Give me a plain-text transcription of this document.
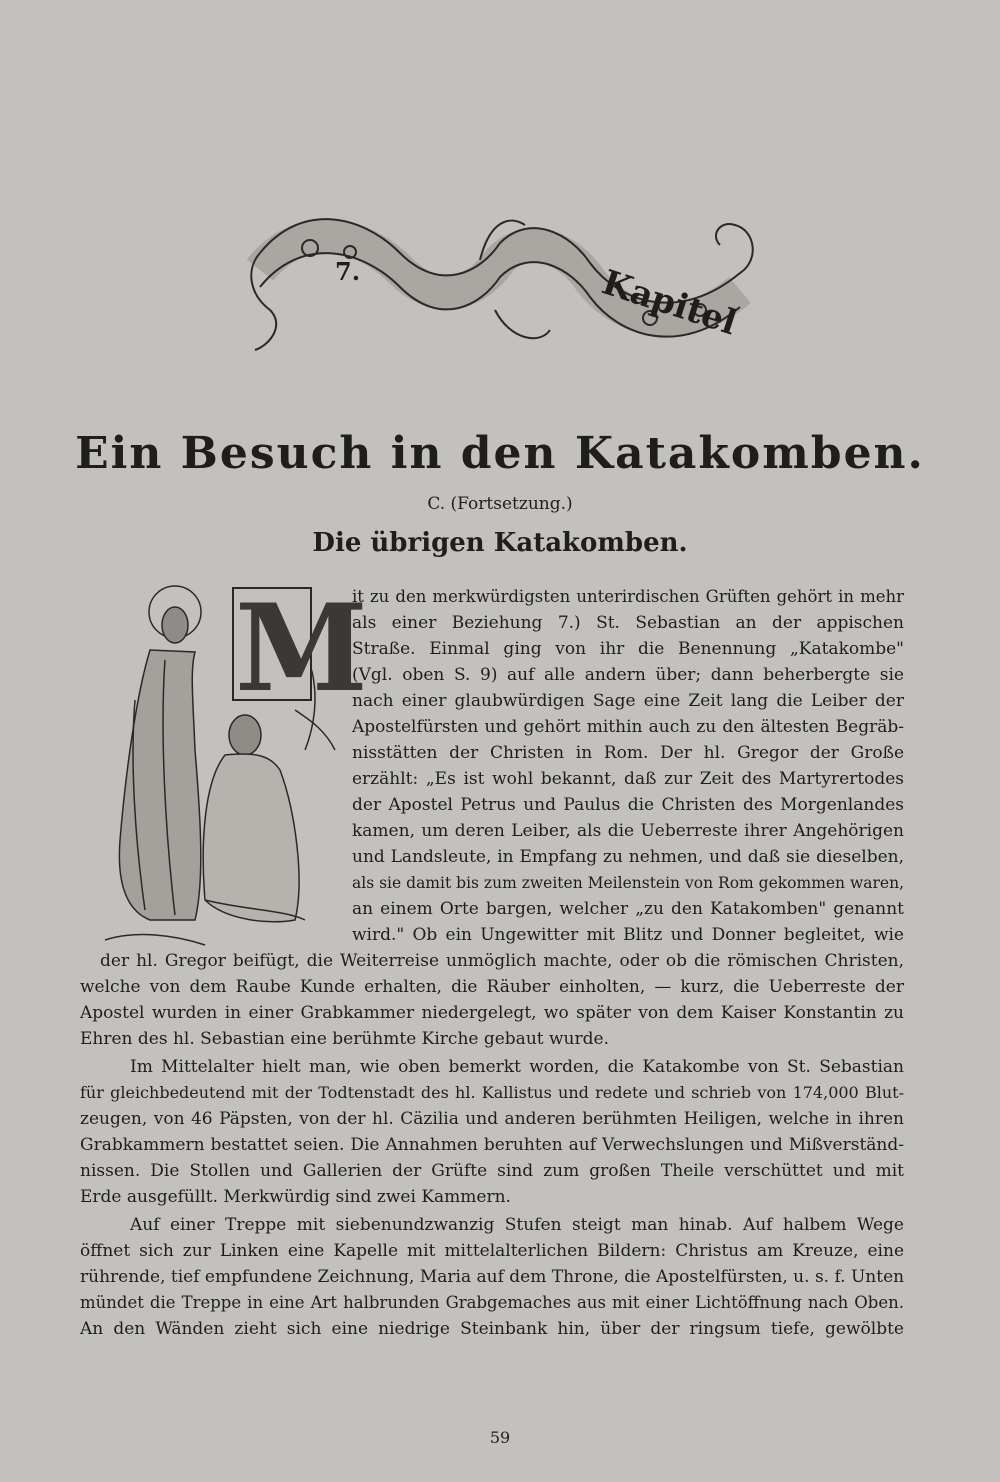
7.	Kapitel
Ein Besuch in den Katakomben.
C. (Fortsetzung.)
Die übrigen Katakomben.
M
it zu den merkwürdigsten unterirdischen Grüften gehört in mehr
als einer Beziehung 7.) St. Sebastian an der appischen
Straße. Einmal ging von ihr die Benennung „Katakombe"
(Vgl. oben S. 9) auf alle andern über; dann beherbergte sie
nach einer glaubwürdigen Sage eine Zeit lang die Leiber der
Apostelfürsten und gehört mithin auch zu den ältesten Begräb-
nisstätten der Christen in Rom. Der hl. Gregor der Große
erzählt: „Es ist wohl bekannt, daß zur Zeit des Martyrertodes
der Apostel Petrus und Paulus die Christen des Morgenlandes
kamen, um deren Leiber, als die Ueberreste ihrer Angehörigen
und Landsleute, in Empfang zu nehmen, und daß sie dieselben,
als sie damit bis zum zweiten Meilenstein von Rom gekommen waren,
an einem Orte bargen, welcher „zu den Katakomben" genannt
wird." Ob ein Ungewitter mit Blitz und Donner begleitet, wie
der hl. Gregor beifügt, die Weiterreise unmöglich machte, oder ob die römischen Christen,
welche von dem Raube Kunde erhalten, die Räuber einholten, — kurz, die Ueberreste der
Apostel wurden in einer Grabkammer niedergelegt, wo später von dem Kaiser Konstantin zu
Ehren des hl. Sebastian eine berühmte Kirche gebaut wurde.
Im Mittelalter hielt man, wie oben bemerkt worden, die Katakombe von St. Sebastian
für gleichbedeutend mit der Todtenstadt des hl. Kallistus und redete und schrieb von 174,000 Blut-
zeugen, von 46 Päpsten, von der hl. Cäzilia und anderen berühmten Heiligen, welche in ihren
Grabkammern bestattet seien. Die Annahmen beruhten auf Verwechslungen und Mißverständ-
nissen. Die Stollen und Gallerien der Grüfte sind zum großen Theile verschüttet und mit
Erde ausgefüllt. Merkwürdig sind zwei Kammern.
Auf einer Treppe mit siebenundzwanzig Stufen steigt man hinab. Auf halbem Wege
öffnet sich zur Linken eine Kapelle mit mittelalterlichen Bildern: Christus am Kreuze, eine
rührende, tief empfundene Zeichnung, Maria auf dem Throne, die Apostelfürsten, u. s. f. Unten
mündet die Treppe in eine Art halbrunden Grabgemaches aus mit einer Lichtöffnung nach Oben.
An den Wänden zieht sich eine niedrige Steinbank hin, über der ringsum tiefe, gewölbte
59
